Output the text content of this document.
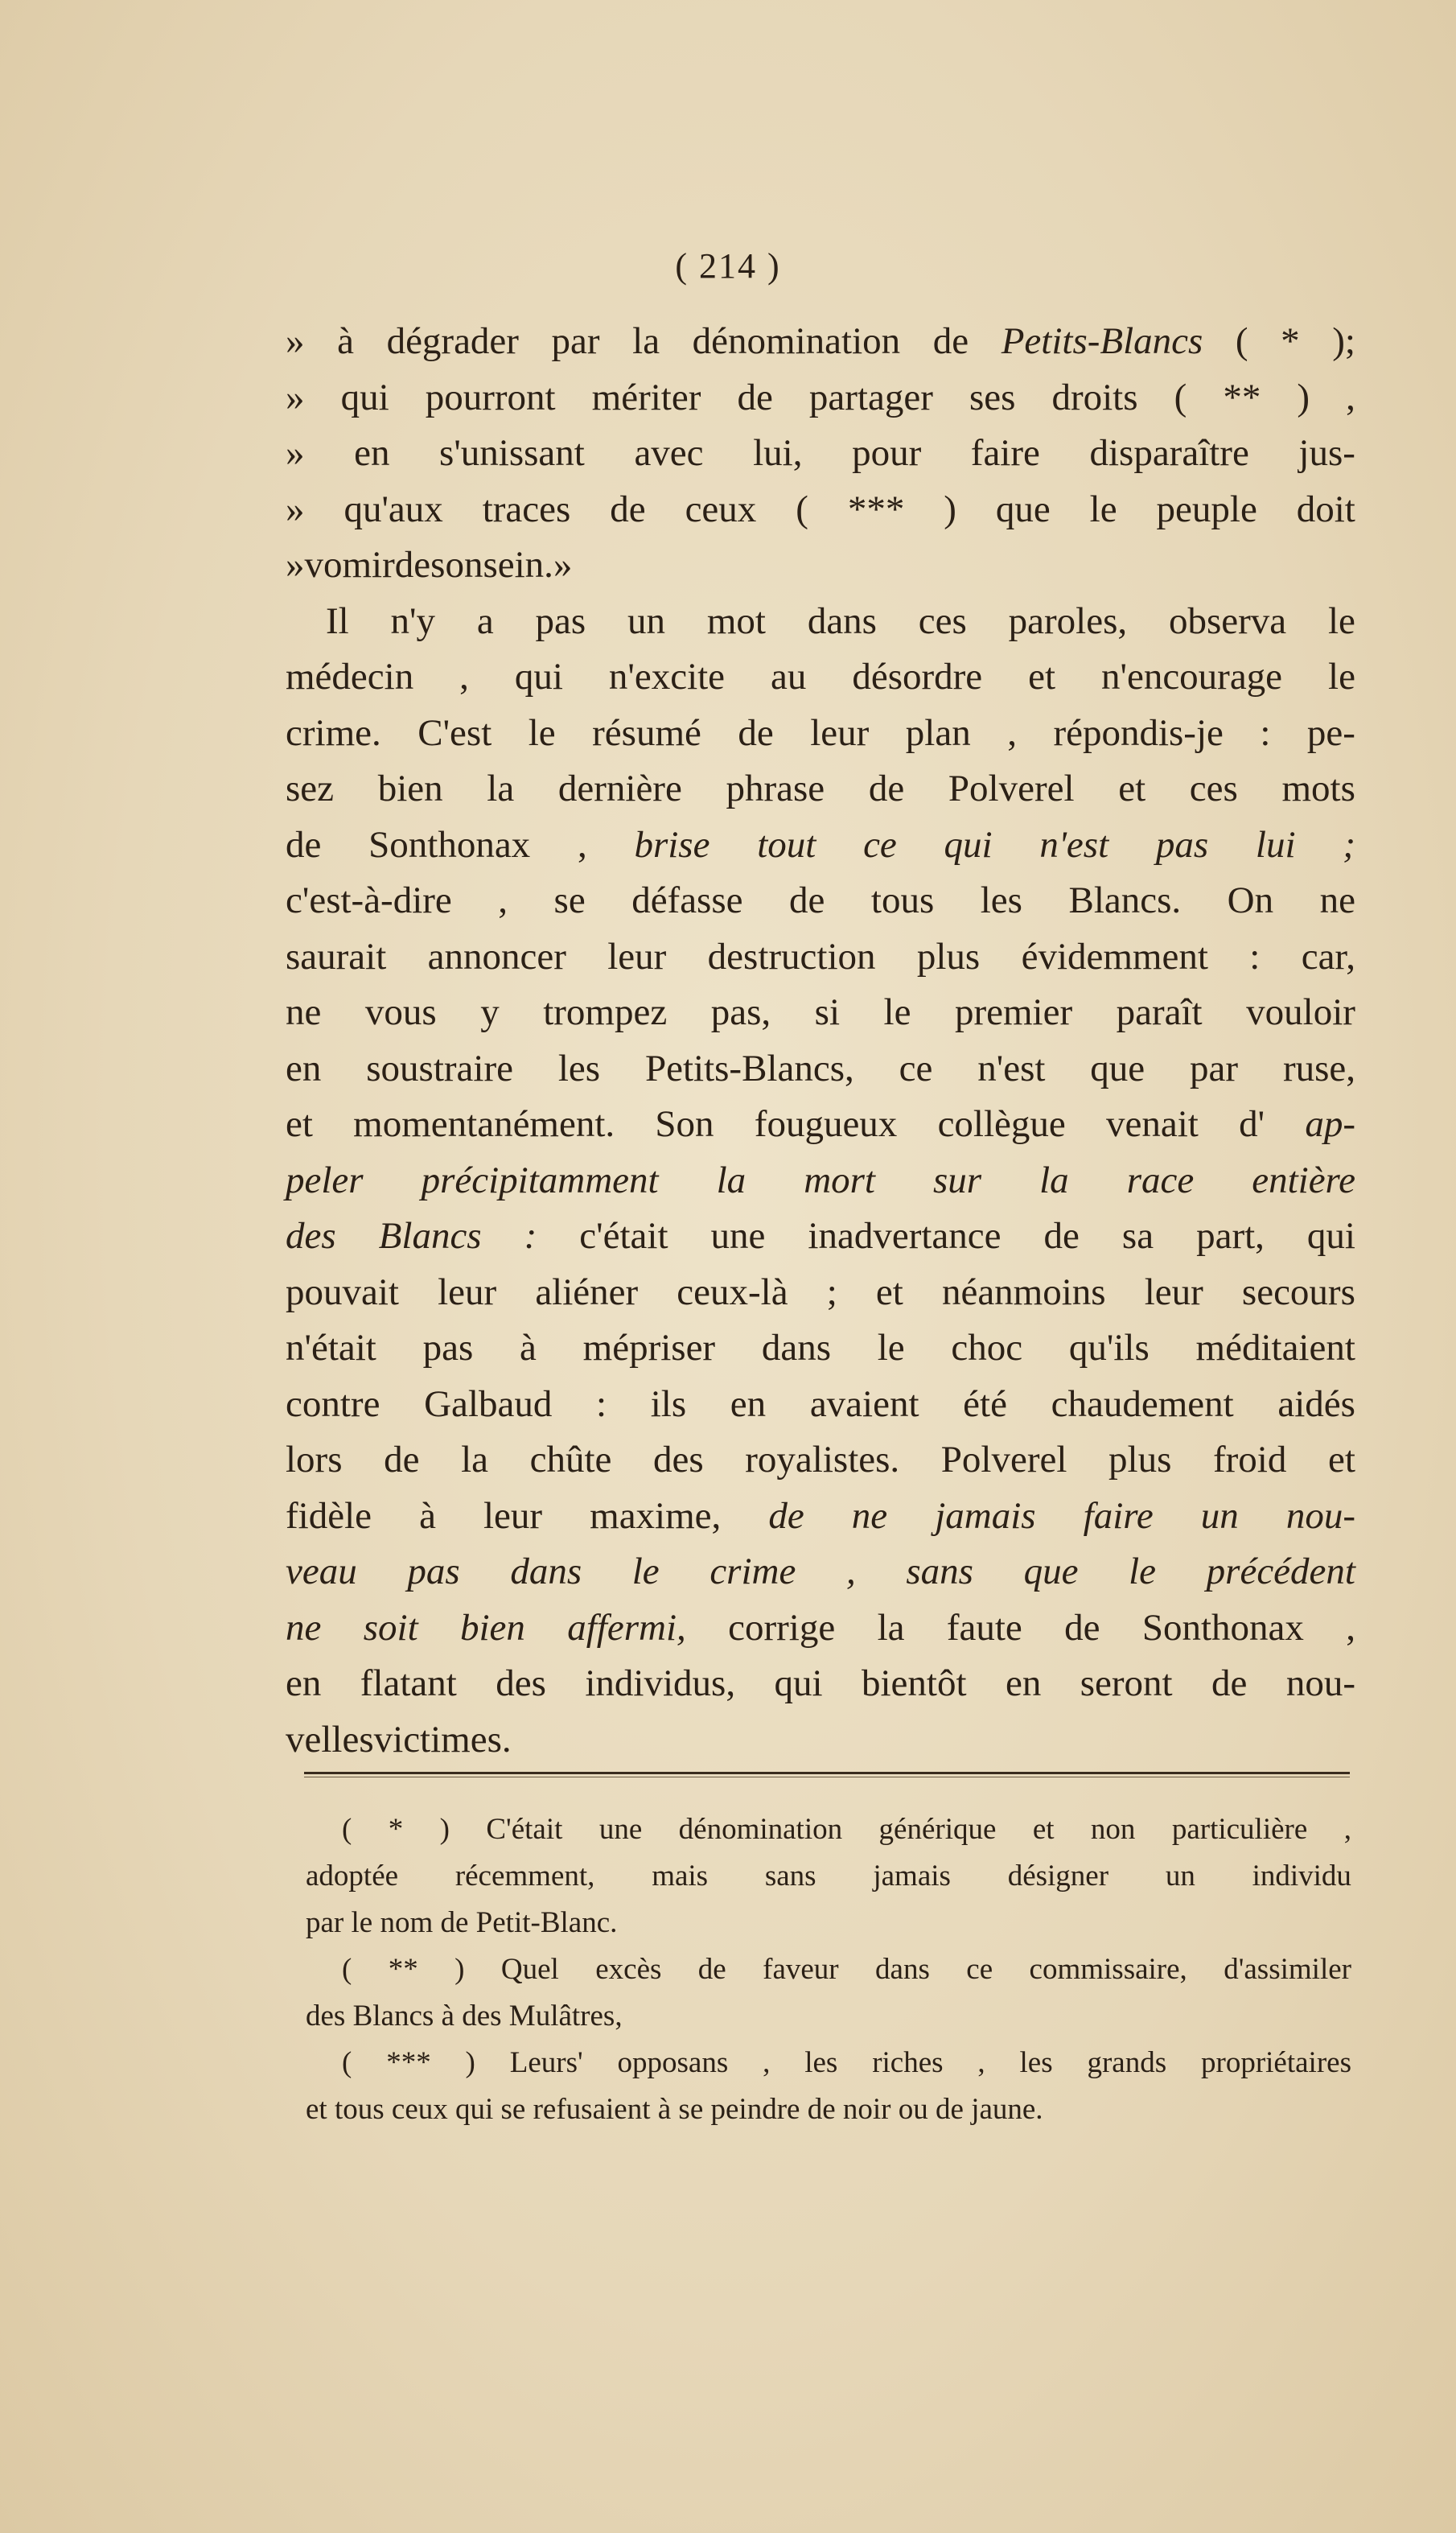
( 214 )
» à dégrader par la dénomination de Petits-Blancs ( * );
» qui pourront mériter de partager ses droits ( ** ) ,
» en s'unissant avec lui, pour faire disparaître jus-
» qu'aux traces de ceux ( *** ) que le peuple doit
»vomirdesonsein.»
Il n'y a pas un mot dans ces paroles, observa le
médecin , qui n'excite au désordre et n'encourage le
crime. C'est le résumé de leur plan , répondis-je : pe-
sez bien la dernière phrase de Polverel et ces mots
de Sonthonax , brise tout ce qui n'est pas lui ;
c'est-à-dire , se défasse de tous les Blancs. On ne
saurait annoncer leur destruction plus évidemment : car,
ne vous y trompez pas, si le premier paraît vouloir
en soustraire les Petits-Blancs, ce n'est que par ruse,
et momentanément. Son fougueux collègue venait d' ap-
peler précipitamment la mort sur la race entière
des Blancs : c'était une inadvertance de sa part, qui
pouvait leur aliéner ceux-là ; et néanmoins leur secours
n'était pas à mépriser dans le choc qu'ils méditaient
contre Galbaud : ils en avaient été chaudement aidés
lors de la chûte des royalistes. Polverel plus froid et
fidèle à leur maxime, de ne jamais faire un nou-
veau pas dans le crime , sans que le précédent
ne soit bien affermi, corrige la faute de Sonthonax ,
en flatant des individus, qui bientôt en seront de nou-
vellesvictimes.
( * ) C'était une dénomination générique et non particulière ,
adoptée récemment, mais sans jamais désigner un individu
par le nom de Petit-Blanc.
( ** ) Quel excès de faveur dans ce commissaire, d'assimiler
des Blancs à des Mulâtres,
( *** ) Leurs' opposans , les riches , les grands propriétaires
et tous ceux qui se refusaient à se peindre de noir ou de jaune.
